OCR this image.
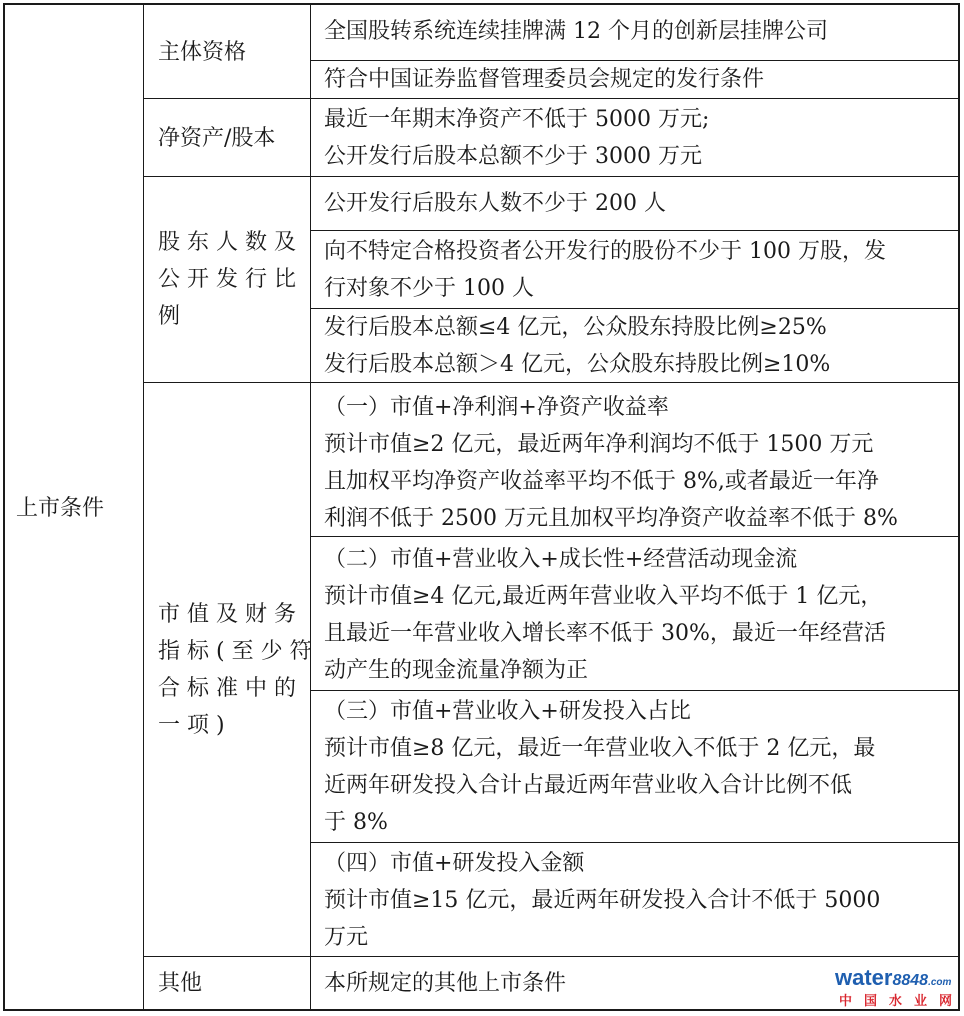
上市条件
主体资格
全国股转系统连续挂牌满 12 个月的创新层挂牌公司
符合中国证券监督管理委员会规定的发行条件
净资产/股本
最近一年期末净资产不低于 5000 万元;
公开发行后股本总额不少于 3000 万元
股东人数及
公开发行比
例
公开发行后股东人数不少于 200 人
向不特定合格投资者公开发行的股份不少于 100 万股，发
行对象不少于 100 人
发行后股本总额≤4 亿元，公众股东持股比例≥25%
发行后股本总额＞4 亿元，公众股东持股比例≥10%
市值及财务
指标(至少符
合标准中的
一项)
（一）市值+净利润+净资产收益率
预计市值≥2 亿元，最近两年净利润均不低于 1500 万元
且加权平均净资产收益率平均不低于 8%,或者最近一年净
利润不低于 2500 万元且加权平均净资产收益率不低于 8%
（二）市值+营业收入+成长性+经营活动现金流
预计市值≥4 亿元,最近两年营业收入平均不低于 1 亿元，
且最近一年营业收入增长率不低于 30%，最近一年经营活
动产生的现金流量净额为正
（三）市值+营业收入+研发投入占比
预计市值≥8 亿元，最近一年营业收入不低于 2 亿元，最
近两年研发投入合计占最近两年营业收入合计比例不低
于 8%
（四）市值+研发投入金额
预计市值≥15 亿元，最近两年研发投入合计不低于 5000
万元
其他	本所规定的其他上市条件	water8848.com
中国水业网
